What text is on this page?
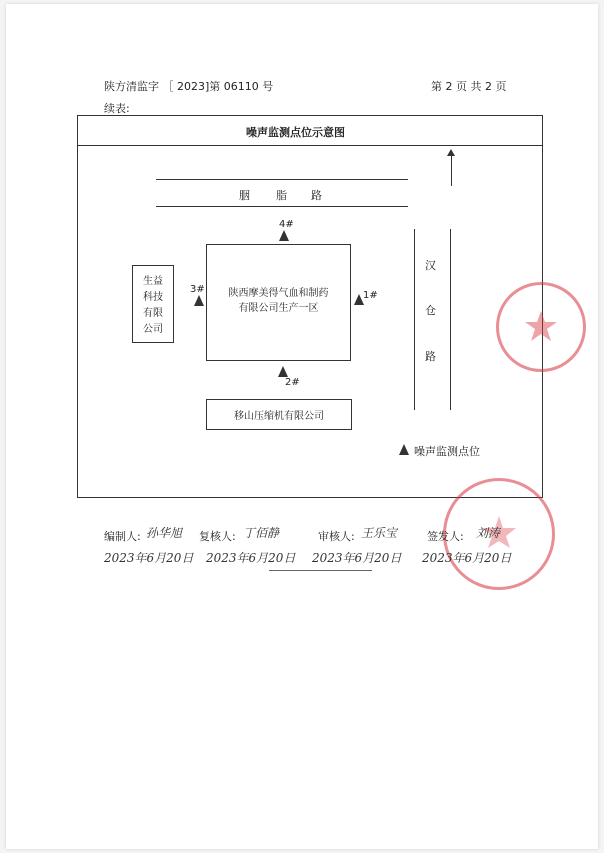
陕方清监字 ［ 2023]第 06110 号	第 2 页 共 2 页
续表:
噪声监测点位示意图
胭 脂 路
汉
仓
路
陕西摩美得气血和制药
有限公司生产一区
生益
科技
有限
公司
移山压缩机有限公司
4#
1#
3#
2#
噪声监测点位
编制人: 孙华旭 复核人: 丁佰静	审核人: 王乐宝	签发人: 刘涛
2023年6月20日 2023年6月20日 2023年6月20日 2023年6月20日
